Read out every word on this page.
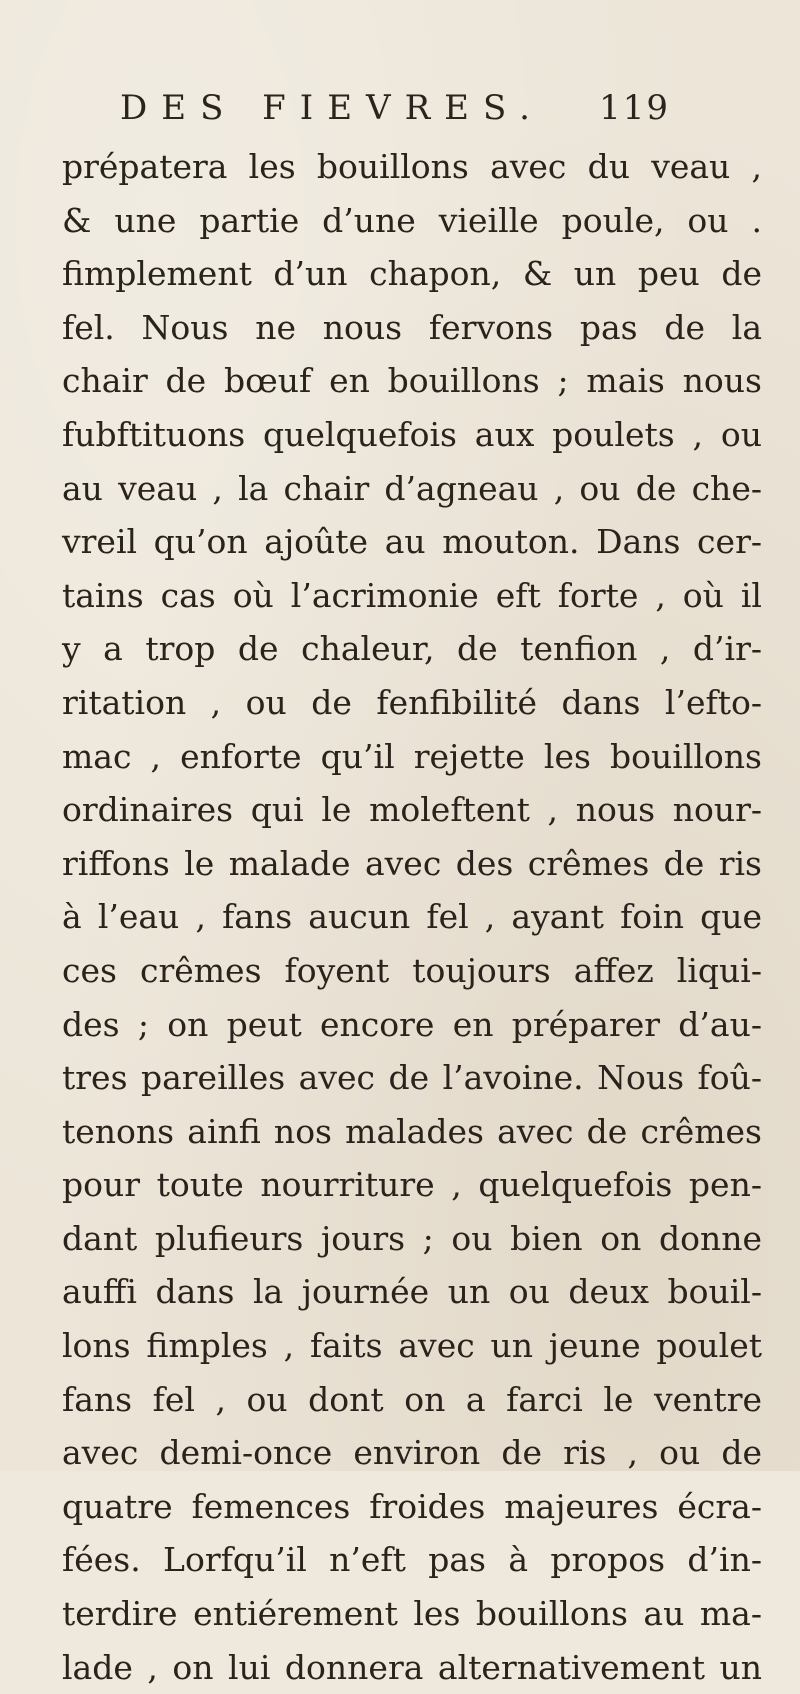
DES FIEVRES. 119
prépatera les bouillons avec du veau ,
& une partie d’une vieille poule, ou .
fimplement d’un chapon, & un peu de
fel. Nous ne nous fervons pas de la
chair de bœuf en bouillons ; mais nous
fubftituons quelquefois aux poulets , ou
au veau , la chair d’agneau , ou de che-
vreil qu’on ajoûte au mouton. Dans cer-
tains cas où l’acrimonie eft forte , où il
y a trop de chaleur, de tenfion , d’ir-
ritation , ou de fenfibilité dans l’efto-
mac , enforte qu’il rejette les bouillons
ordinaires qui le moleftent , nous nour-
riffons le malade avec des crêmes de ris
à l’eau , fans aucun fel , ayant foin que
ces crêmes foyent toujours affez liqui-
des ; on peut encore en préparer d’au-
tres pareilles avec de l’avoine. Nous foû-
tenons ainfi nos malades avec de crêmes
pour toute nourriture , quelquefois pen-
dant plufieurs jours ; ou bien on donne
auffi dans la journée un ou deux bouil-
lons fimples , faits avec un jeune poulet
fans fel , ou dont on a farci le ventre
avec demi-once environ de ris , ou de
quatre femences froides majeures écra-
fées. Lorfqu’il n’eft pas à propos d’in-
terdire entiérement les bouillons au ma-
lade , on lui donnera alternativement un
